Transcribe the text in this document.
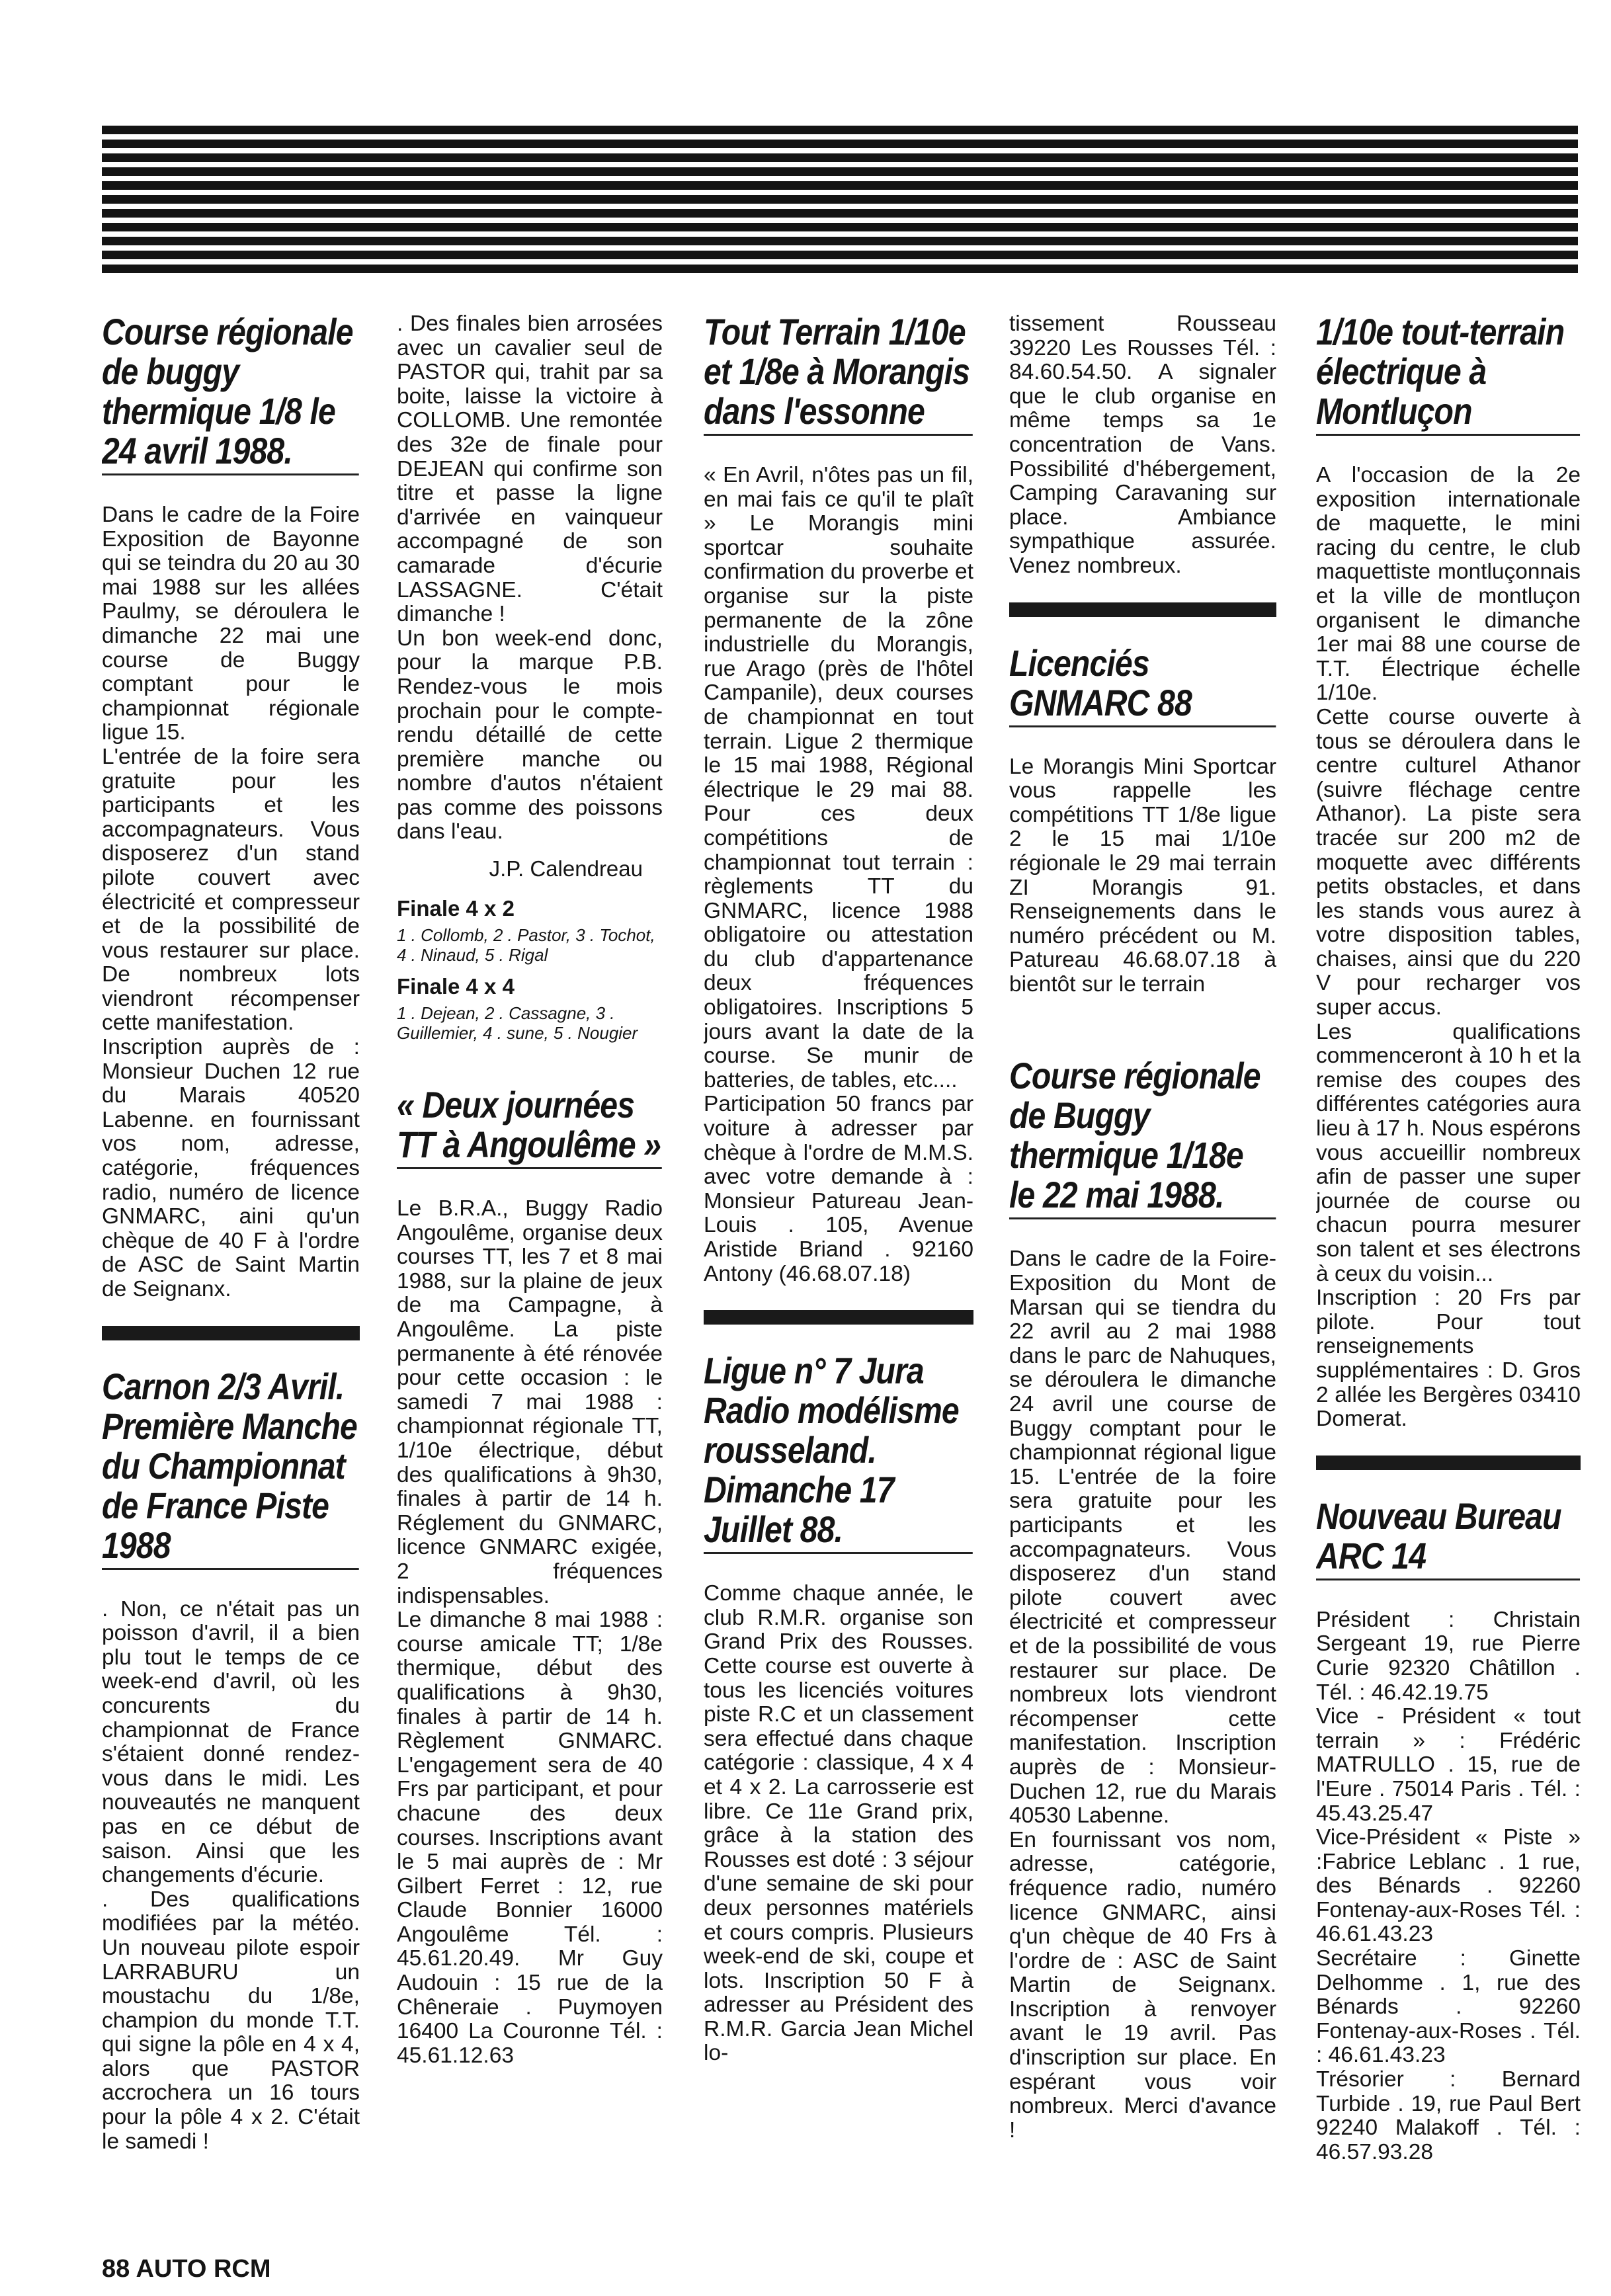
Course régionale de buggy thermique 1/8 le 24 avril 1988.

Dans le cadre de la Foire Exposition de Bayonne qui se teindra du 20 au 30 mai 1988 sur les allées Paulmy, se déroulera le dimanche 22 mai une course de Buggy comptant pour le championnat régionale ligue 15.
L'entrée de la foire sera gratuite pour les participants et les accompagnateurs. Vous disposerez d'un stand pilote couvert avec électricité et compresseur et de la possibilité de vous restaurer sur place. De nombreux lots viendront récompenser cette manifestation.
Inscription auprès de : Monsieur Duchen 12 rue du Marais 40520 Labenne. en fournissant vos nom, adresse, catégorie, fréquences radio, numéro de licence GNMARC, aini qu'un chèque de 40 F à l'ordre de ASC de Saint Martin de Seignanx.

Carnon 2/3 Avril. Première Manche du Championnat de France Piste 1988

. Non, ce n'était pas un poisson d'avril, il a bien plu tout le temps de ce week-end d'avril, où les concurents du championnat de France s'étaient donné rendez-vous dans le midi. Les nouveautés ne manquent pas en ce début de saison. Ainsi que les changements d'écurie.
. Des qualifications modifiées par la météo. Un nouveau pilote espoir LARRABURU un moustachu du 1/8e, champion du monde T.T. qui signe la pôle en 4 x 4, alors que PASTOR accrochera un 16 tours pour la pôle 4 x 2. C'était le samedi !

. Des finales bien arrosées avec un cavalier seul de PASTOR qui, trahit par sa boite, laisse la victoire à COLLOMB. Une remontée des 32e de finale pour DEJEAN qui confirme son titre et passe la ligne d'arrivée en vainqueur accompagné de son camarade d'écurie LASSAGNE. C'était dimanche !
Un bon week-end donc, pour la marque P.B. Rendez-vous le mois prochain pour le compte-rendu détaillé de cette première manche ou nombre d'autos n'étaient pas comme des poissons dans l'eau.

J.P. Calendreau

Finale 4 x 2

1 . Collomb, 2 . Pastor, 3 . Tochot, 4 . Ninaud, 5 . Rigal

Finale 4 x 4

1 . Dejean, 2 . Cassagne, 3 . Guillemier, 4 . sune, 5 . Nougier

« Deux journées TT à Angoulême »

Le B.R.A., Buggy Radio Angoulême, organise deux courses TT, les 7 et 8 mai 1988, sur la plaine de jeux de ma Campagne, à Angoulême. La piste permanente à été rénovée pour cette occasion : le samedi 7 mai 1988 : championnat régionale TT, 1/10e électrique, début des qualifications à 9h30, finales à partir de 14 h. Réglement du GNMARC, licence GNMARC exigée, 2 fréquences indispensables.
Le dimanche 8 mai 1988 : course amicale TT; 1/8e thermique, début des qualifications à 9h30, finales à partir de 14 h. Règlement GNMARC. L'engagement sera de 40 Frs par participant, et pour chacune des deux courses. Inscriptions avant le 5 mai auprès de : Mr Gilbert Ferret : 12, rue Claude Bonnier 16000 Angoulême Tél. : 45.61.20.49. Mr Guy Audouin : 15 rue de la Chêneraie . Puymoyen 16400 La Couronne Tél. : 45.61.12.63

Tout Terrain 1/10e et 1/8e à Morangis dans l'essonne

« En Avril, n'ôtes pas un fil, en mai fais ce qu'il te plaît » Le Morangis mini sportcar souhaite confirmation du proverbe et organise sur la piste permanente de la zône industrielle du Morangis, rue Arago (près de l'hôtel Campanile), deux courses de championnat en tout terrain. Ligue 2 thermique le 15 mai 1988, Régional électrique le 29 mai 88. Pour ces deux compétitions de championnat tout terrain : règlements TT du GNMARC, licence 1988 obligatoire ou attestation du club d'appartenance deux fréquences obligatoires. Inscriptions 5 jours avant la date de la course. Se munir de batteries, de tables, etc....
Participation 50 francs par voiture à adresser par chèque à l'ordre de M.M.S. avec votre demande à : Monsieur Patureau Jean-Louis . 105, Avenue Aristide Briand . 92160 Antony (46.68.07.18)

Ligue n° 7 Jura Radio modélisme rousseland. Dimanche 17 Juillet 88.

Comme chaque année, le club R.M.R. organise son Grand Prix des Rousses. Cette course est ouverte à tous les licenciés voitures piste R.C et un classement sera effectué dans chaque catégorie : classique, 4 x 4 et 4 x 2. La carrosserie est libre. Ce 11e Grand prix, grâce à la station des Rousses est doté : 3 séjour d'une semaine de ski pour deux personnes matériels et cours compris. Plusieurs week-end de ski, coupe et lots. Inscription 50 F à adresser au Président des R.M.R. Garcia Jean Michel lo-

tissement Rousseau 39220 Les Rousses Tél. : 84.60.54.50. A signaler que le club organise en même temps sa 1e concentration de Vans. Possibilité d'hébergement, Camping Caravaning sur place. Ambiance sympathique assurée. Venez nombreux.

Licenciés GNMARC 88

Le Morangis Mini Sportcar vous rappelle les compétitions TT 1/8e ligue 2 le 15 mai 1/10e régionale le 29 mai terrain ZI Morangis 91. Renseignements dans le numéro précédent ou M. Patureau 46.68.07.18 à bientôt sur le terrain

Course régionale de Buggy thermique 1/18e le 22 mai 1988.

Dans le cadre de la Foire-Exposition du Mont de Marsan qui se tiendra du 22 avril au 2 mai 1988 dans le parc de Nahuques, se déroulera le dimanche 24 avril une course de Buggy comptant pour le championnat régional ligue 15. L'entrée de la foire sera gratuite pour les participants et les accompagnateurs. Vous disposerez d'un stand pilote couvert avec électricité et compresseur et de la possibilité de vous restaurer sur place. De nombreux lots viendront récompenser cette manifestation. Inscription auprès de : Monsieur-Duchen 12, rue du Marais 40530 Labenne.
En fournissant vos nom, adresse, catégorie, fréquence radio, numéro licence GNMARC, ainsi q'un chèque de 40 Frs à l'ordre de : ASC de Saint Martin de Seignanx. Inscription à renvoyer avant le 19 avril. Pas d'inscription sur place. En espérant vous voir nombreux. Merci d'avance !

1/10e tout-terrain électrique à Montluçon

A l'occasion de la 2e exposition internationale de maquette, le mini racing du centre, le club maquettiste montluçonnais et la ville de montluçon organisent le dimanche 1er mai 88 une course de T.T. Électrique échelle 1/10e.
Cette course ouverte à tous se déroulera dans le centre culturel Athanor (suivre fléchage centre Athanor). La piste sera tracée sur 200 m2 de moquette avec différents petits obstacles, et dans les stands vous aurez à votre disposition tables, chaises, ainsi que du 220 V pour recharger vos super accus.
Les qualifications commenceront à 10 h et la remise des coupes des différentes catégories aura lieu à 17 h. Nous espérons vous accueillir nombreux afin de passer une super journée de course ou chacun pourra mesurer son talent et ses électrons à ceux du voisin...
Inscription : 20 Frs par pilote. Pour tout renseignements supplémentaires : D. Gros 2 allée les Bergères 03410 Domerat.

Nouveau Bureau ARC 14

Président : Christain Sergeant 19, rue Pierre Curie 92320 Châtillon . Tél. : 46.42.19.75
Vice - Président « tout terrain » : Frédéric MATRULLO . 15, rue de l'Eure . 75014 Paris . Tél. : 45.43.25.47
Vice-Président « Piste » :Fabrice Leblanc . 1 rue, des Bénards . 92260 Fontenay-aux-Roses Tél. : 46.61.43.23
Secrétaire : Ginette Delhomme . 1, rue des Bénards . 92260 Fontenay-aux-Roses . Tél. : 46.61.43.23
Trésorier : Bernard Turbide . 19, rue Paul Bert 92240 Malakoff . Tél. : 46.57.93.28

88 AUTO RCM
